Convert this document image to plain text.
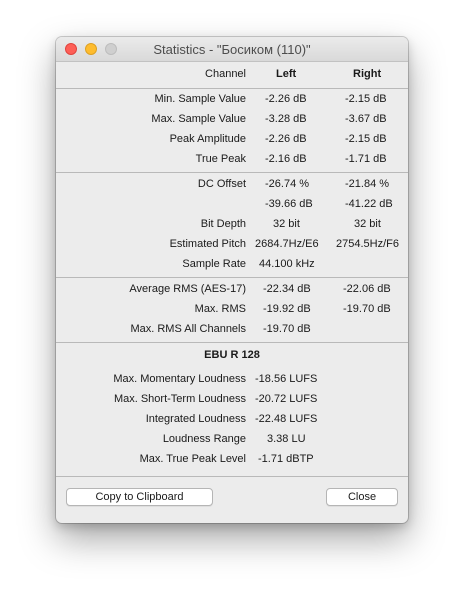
Statistics - "Босиком (110)"
Channel	Left	Right
Min. Sample Value -2.26 dB	-2.15 dB
Max. Sample Value -3.28 dB	-3.67 dB
Peak Amplitude -2.26 dB	-2.15 dB
True Peak -2.16 dB	-1.71 dB
DC Offset -26.74 %	-21.84 %
-39.66 dB	-41.22 dB
Bit Depth 32 bit	32 bit
Estimated Pitch 2684.7Hz/E6 2754.5Hz/F6
Sample Rate 44.100 kHz
Average RMS (AES-17) -22.34 dB	-22.06 dB
Max. RMS -19.92 dB	-19.70 dB
Max. RMS All Channels -19.70 dB
EBU R 128
Max. Momentary Loudness -18.56 LUFS
Max. Short-Term Loudness -20.72 LUFS
Integrated Loudness -22.48 LUFS
Loudness Range 3.38 LU
Max. True Peak Level -1.71 dBTP
Copy to Clipboard	Close
